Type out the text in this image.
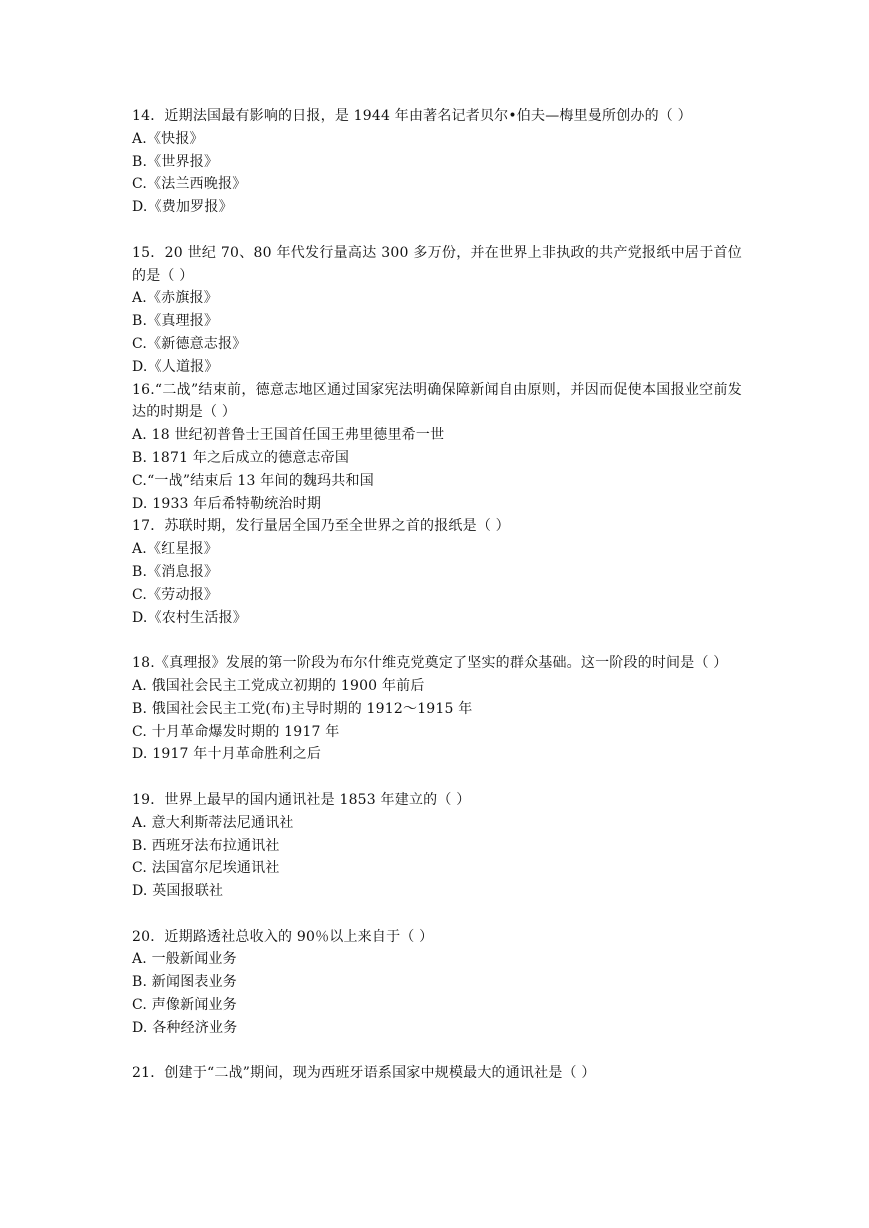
14．近期法国最有影响的日报，是 1944 年由著名记者贝尔•伯夫—梅里曼所创办的（ ）

A.《快报》

B.《世界报》

C.《法兰西晚报》

D.《费加罗报》

15．20 世纪 70、80 年代发行量高达 300 多万份，并在世界上非执政的共产党报纸中居于首位的是（ ）

A.《赤旗报》

B.《真理报》

C.《新德意志报》

D.《人道报》

16.“二战”结束前，德意志地区通过国家宪法明确保障新闻自由原则，并因而促使本国报业空前发达的时期是（ ）

A. 18 世纪初普鲁士王国首任国王弗里德里希一世

B. 1871 年之后成立的德意志帝国

C.“一战”结束后 13 年间的魏玛共和国

D. 1933 年后希特勒统治时期

17．苏联时期，发行量居全国乃至全世界之首的报纸是（ ）

A.《红星报》

B.《消息报》

C.《劳动报》

D.《农村生活报》

18.《真理报》发展的第一阶段为布尔什维克党奠定了坚实的群众基础。这一阶段的时间是（ ）

A. 俄国社会民主工党成立初期的 1900 年前后

B. 俄国社会民主工党(布)主导时期的 1912～1915 年

C. 十月革命爆发时期的 1917 年

D. 1917 年十月革命胜利之后

19．世界上最早的国内通讯社是 1853 年建立的（ ）

A. 意大利斯蒂法尼通讯社

B. 西班牙法布拉通讯社

C. 法国富尔尼埃通讯社

D. 英国报联社

20．近期路透社总收入的 90％以上来自于（ ）

A. 一般新闻业务

B. 新闻图表业务

C. 声像新闻业务

D. 各种经济业务

21．创建于“二战”期间，现为西班牙语系国家中规模最大的通讯社是（ ）
